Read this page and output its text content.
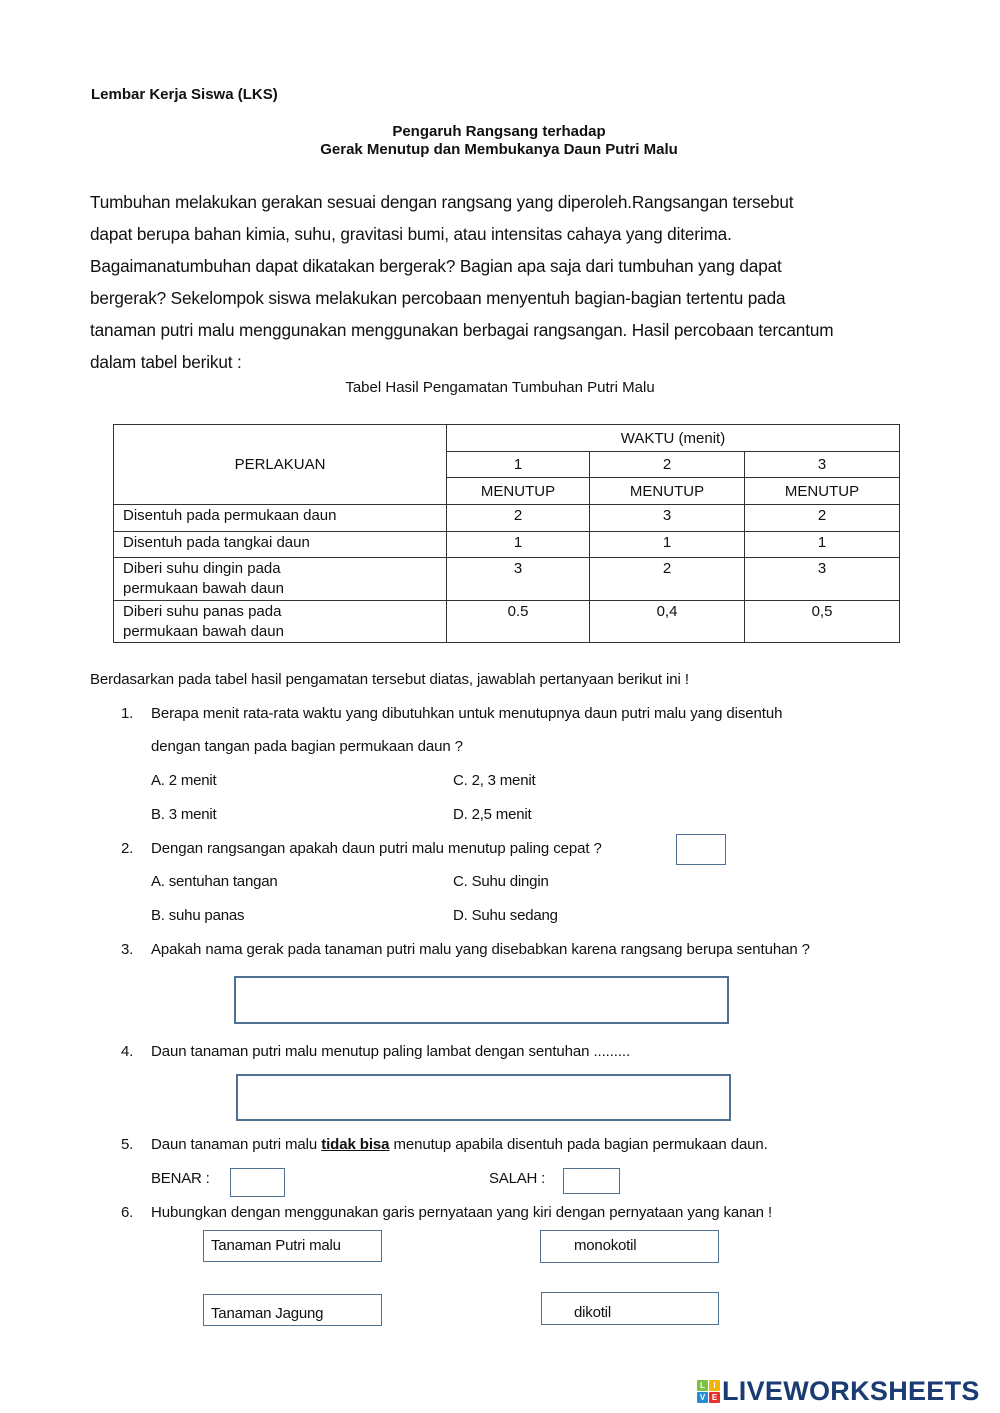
Lembar Kerja Siswa (LKS)
Pengaruh Rangsang terhadap
Gerak Menutup dan Membukanya Daun Putri Malu
Tumbuhan melakukan gerakan sesuai dengan rangsang yang diperoleh.Rangsangan tersebut
dapat berupa bahan kimia, suhu, gravitasi bumi, atau intensitas cahaya yang diterima.
Bagaimanatumbuhan dapat dikatakan bergerak? Bagian apa saja dari tumbuhan yang dapat
bergerak? Sekelompok siswa melakukan percobaan menyentuh bagian-bagian tertentu pada
tanaman putri malu menggunakan menggunakan berbagai rangsangan. Hasil percobaan tercantum
dalam tabel berikut :
Tabel Hasil Pengamatan Tumbuhan Putri Malu
PERLAKUAN	WAKTU (menit)		
	1	2	3
	MENUTUP	MENUTUP	MENUTUP
Disentuh pada permukaan daun	2	3	2
Disentuh pada tangkai daun	1	1	1

Diberi suhu dingin pada
permukaan bawah daun	3	2	3

Diberi suhu panas pada
permukaan bawah daun	0.5	0,4	0,5
Berdasarkan pada tabel hasil pengamatan tersebut diatas, jawablah pertanyaan berikut ini !
1. Berapa menit rata-rata waktu yang dibutuhkan untuk menutupnya daun putri malu yang disentuh
dengan tangan pada bagian permukaan daun ?
A. 2 menit	C. 2, 3 menit
B. 3 menit	D. 2,5 menit
2. Dengan rangsangan apakah daun putri malu menutup paling cepat ?
A. sentuhan tangan	C. Suhu dingin
B. suhu panas	D. Suhu sedang
3. Apakah nama gerak pada tanaman putri malu yang disebabkan karena rangsang berupa sentuhan ?
4. Daun tanaman putri malu menutup paling lambat dengan sentuhan .........
5. Daun tanaman putri malu tidak bisa menutup apabila disentuh pada bagian permukaan daun.
BENAR :	SALAH :
6. Hubungkan dengan menggunakan garis pernyataan yang kiri dengan pernyataan yang kanan !
Tanaman Putri malu
Tanaman Jagung
monokotil
dikotil
L	I
V E LIVEWORKSHEETS
